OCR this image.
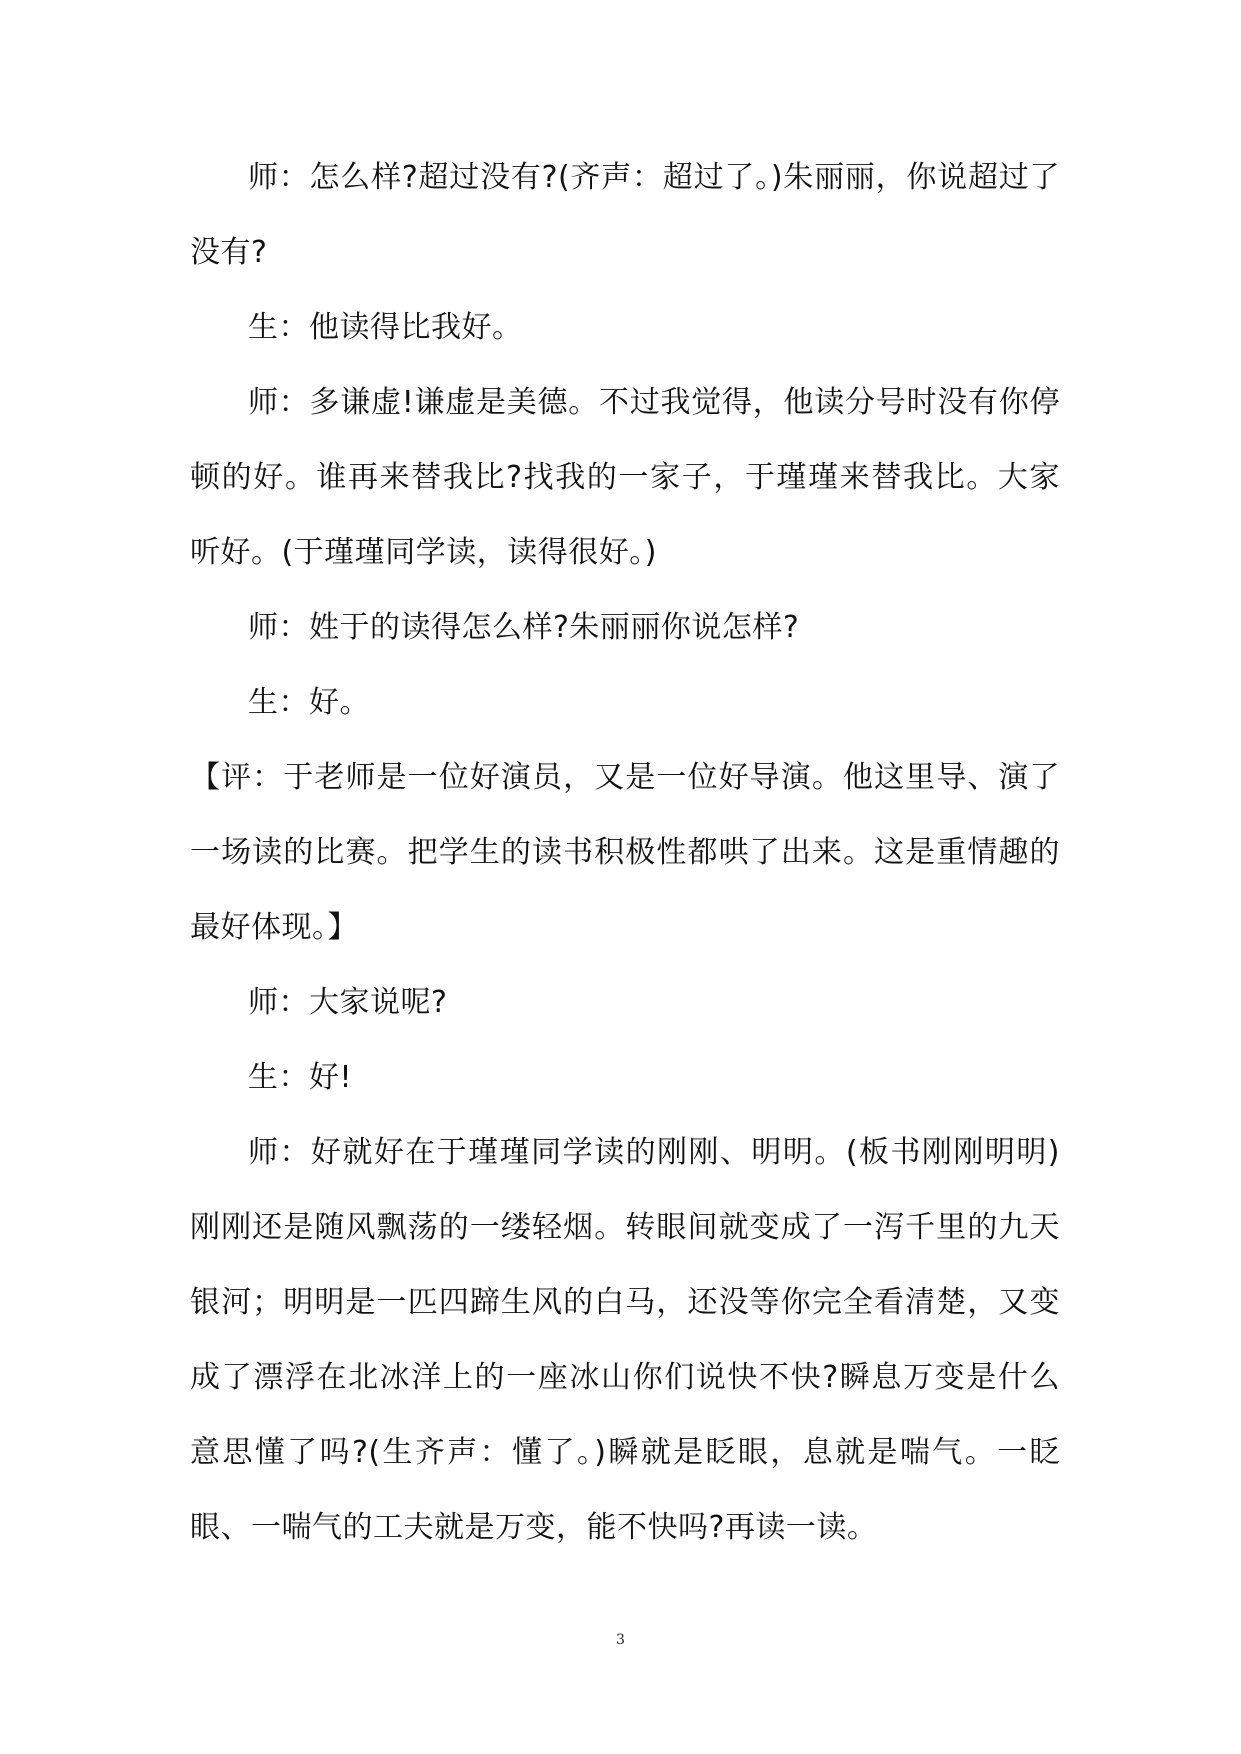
师：怎么样?超过没有?(齐声：超过了。)朱丽丽，你说超过了没有?

生：他读得比我好。

师：多谦虚!谦虚是美德。不过我觉得，他读分号时没有你停顿的好。谁再来替我比?找我的一家子，于瑾瑾来替我比。大家听好。(于瑾瑾同学读，读得很好。)

师：姓于的读得怎么样?朱丽丽你说怎样?

生：好。

【评：于老师是一位好演员，又是一位好导演。他这里导、演了一场读的比赛。把学生的读书积极性都哄了出来。这是重情趣的最好体现。】

师：大家说呢?

生：好!

师：好就好在于瑾瑾同学读的刚刚、明明。(板书刚刚明明)刚刚还是随风飘荡的一缕轻烟。转眼间就变成了一泻千里的九天银河；明明是一匹四蹄生风的白马，还没等你完全看清楚，又变成了漂浮在北冰洋上的一座冰山你们说快不快?瞬息万变是什么意思懂了吗?(生齐声：懂了。)瞬就是眨眼，息就是喘气。一眨眼、一喘气的工夫就是万变，能不快吗?再读一读。

3
